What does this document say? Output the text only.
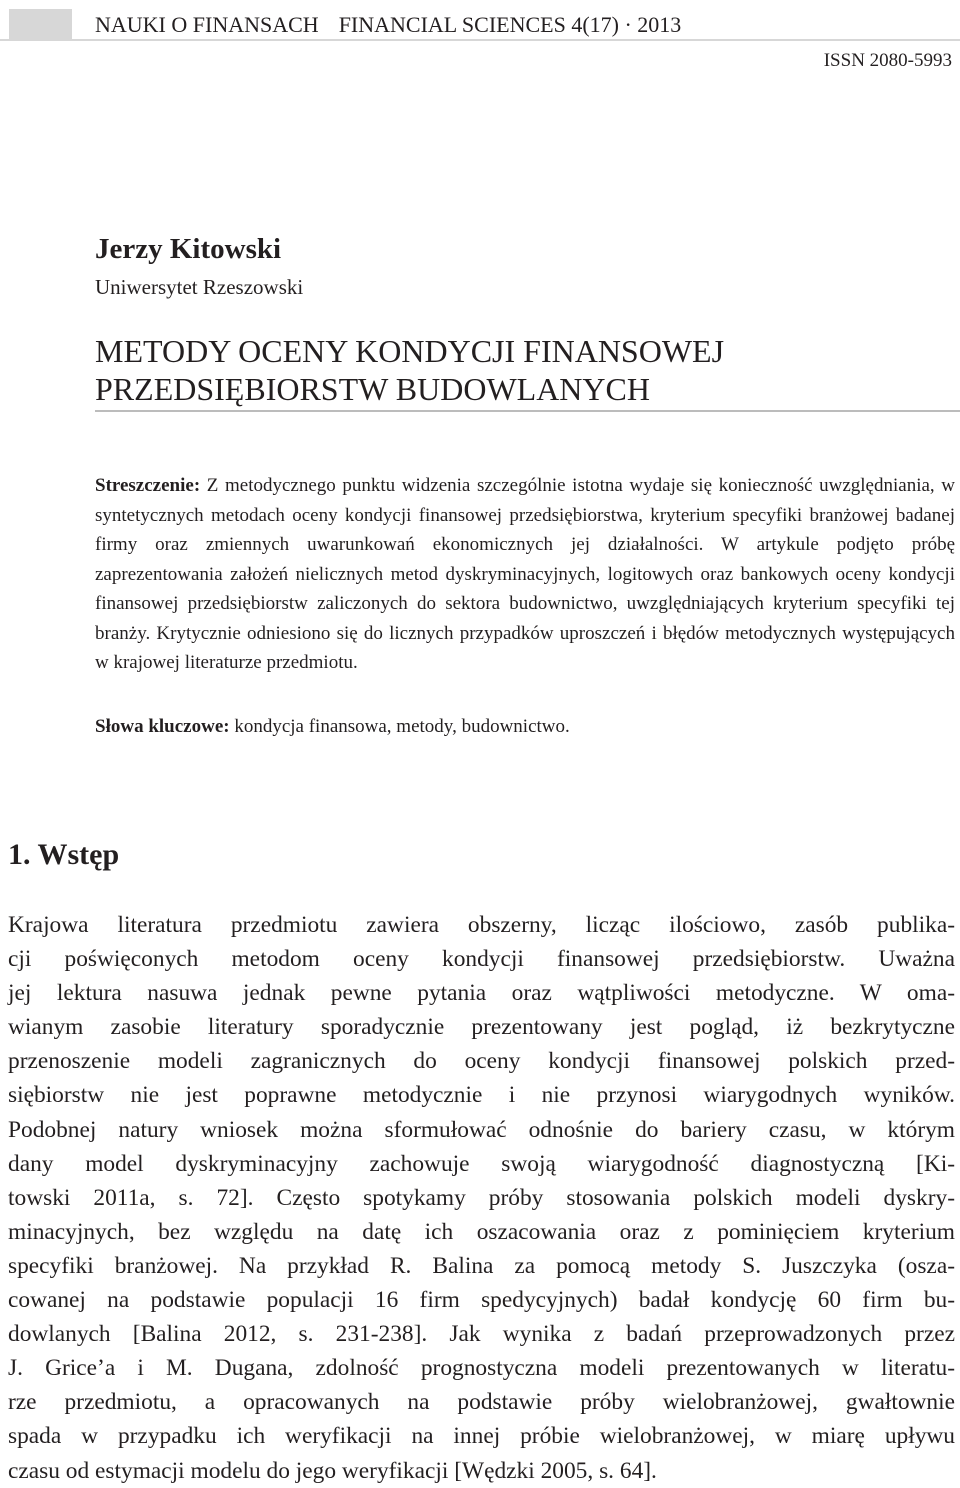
NAUKI O FINANSACH FINANCIAL SCIENCES 4(17) · 2013
ISSN 2080-5993
Jerzy Kitowski
Uniwersytet Rzeszowski
METODY OCENY KONDYCJI FINANSOWEJ
PRZEDSIĘBIORSTW BUDOWLANYCH
Streszczenie: Z metodycznego punktu widzenia szczególnie istotna wydaje się konieczność uwzględniania, w syntetycznych metodach oceny kondycji finansowej przedsiębiorstwa, kryterium specyfiki branżowej badanej firmy oraz zmiennych uwarunkowań ekonomicznych jej działalności. W artykule podjęto próbę zaprezentowania założeń nielicznych metod dyskryminacyjnych, logitowych oraz bankowych oceny kondycji finansowej przedsiębiorstw zaliczonych do sektora budownictwo, uwzględniających kryterium specyfiki tej branży. Krytycznie odniesiono się do licznych przypadków uproszczeń i błędów metodycznych występujących w krajowej literaturze przedmiotu.
Słowa kluczowe: kondycja finansowa, metody, budownictwo.
1. Wstęp
Krajowa literatura przedmiotu zawiera obszerny, licząc ilościowo, zasób publika-
cji poświęconych metodom oceny kondycji finansowej przedsiębiorstw. Uważna
jej lektura nasuwa jednak pewne pytania oraz wątpliwości metodyczne. W oma-
wianym zasobie literatury sporadycznie prezentowany jest pogląd, iż bezkrytyczne
przenoszenie modeli zagranicznych do oceny kondycji finansowej polskich przed-
siębiorstw nie jest poprawne metodycznie i nie przynosi wiarygodnych wyników.
Podobnej natury wniosek można sformułować odnośnie do bariery czasu, w którym
dany model dyskryminacyjny zachowuje swoją wiarygodność diagnostyczną [Ki-
towski 2011a, s. 72]. Często spotykamy próby stosowania polskich modeli dyskry-
minacyjnych, bez względu na datę ich oszacowania oraz z pominięciem kryterium
specyfiki branżowej. Na przykład R. Balina za pomocą metody S. Juszczyka (osza-
cowanej na podstawie populacji 16 firm spedycyjnych) badał kondycję 60 firm bu-
dowlanych [Balina 2012, s. 231-238]. Jak wynika z badań przeprowadzonych przez
J. Grice’a i M. Dugana, zdolność prognostyczna modeli prezentowanych w literatu-
rze przedmiotu, a opracowanych na podstawie próby wielobranżowej, gwałtownie
spada w przypadku ich weryfikacji na innej próbie wielobranżowej, w miarę upływu
czasu od estymacji modelu do jego weryfikacji [Wędzki 2005, s. 64].
